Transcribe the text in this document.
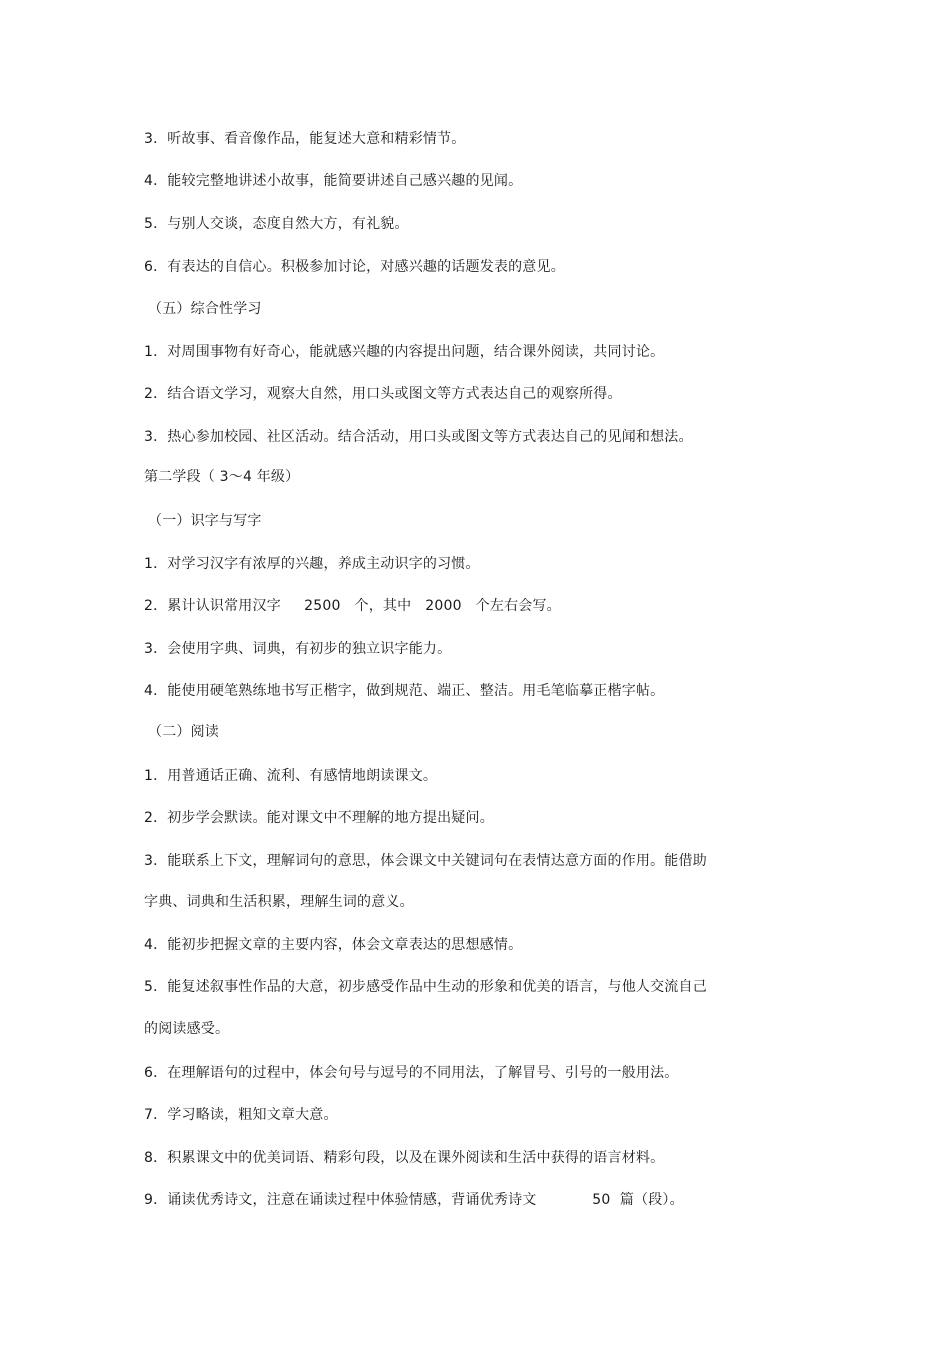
3．听故事、看音像作品，能复述大意和精彩情节。
4．能较完整地讲述小故事，能简要讲述自己感兴趣的见闻。
5．与别人交谈，态度自然大方，有礼貌。
6．有表达的自信心。积极参加讨论，对感兴趣的话题发表的意见。
（五）综合性学习
1．对周围事物有好奇心，能就感兴趣的内容提出问题，结合课外阅读，共同讨论。
2．结合语文学习，观察大自然，用口头或图文等方式表达自己的观察所得。
3．热心参加校园、社区活动。结合活动，用口头或图文等方式表达自己的见闻和想法。
第二学段（ 3～4 年级）
（一）识字与写字
1．对学习汉字有浓厚的兴趣，养成主动识字的习惯。
2．累计认识常用汉字     2500   个，其中   2000   个左右会写。
3．会使用字典、词典，有初步的独立识字能力。
4．能使用硬笔熟练地书写正楷字，做到规范、端正、整洁。用毛笔临摹正楷字帖。
（二）阅读
1．用普通话正确、流利、有感情地朗读课文。
2．初步学会默读。能对课文中不理解的地方提出疑问。
3．能联系上下文，理解词句的意思，体会课文中关键词句在表情达意方面的作用。能借助
字典、词典和生活积累，理解生词的意义。
4．能初步把握文章的主要内容，体会文章表达的思想感情。
5．能复述叙事性作品的大意，初步感受作品中生动的形象和优美的语言，与他人交流自己
的阅读感受。
6．在理解语句的过程中，体会句号与逗号的不同用法，了解冒号、引号的一般用法。
7．学习略读，粗知文章大意。
8．积累课文中的优美词语、精彩句段，以及在课外阅读和生活中获得的语言材料。
9．诵读优秀诗文，注意在诵读过程中体验情感，背诵优秀诗文            50  篇（段）。
